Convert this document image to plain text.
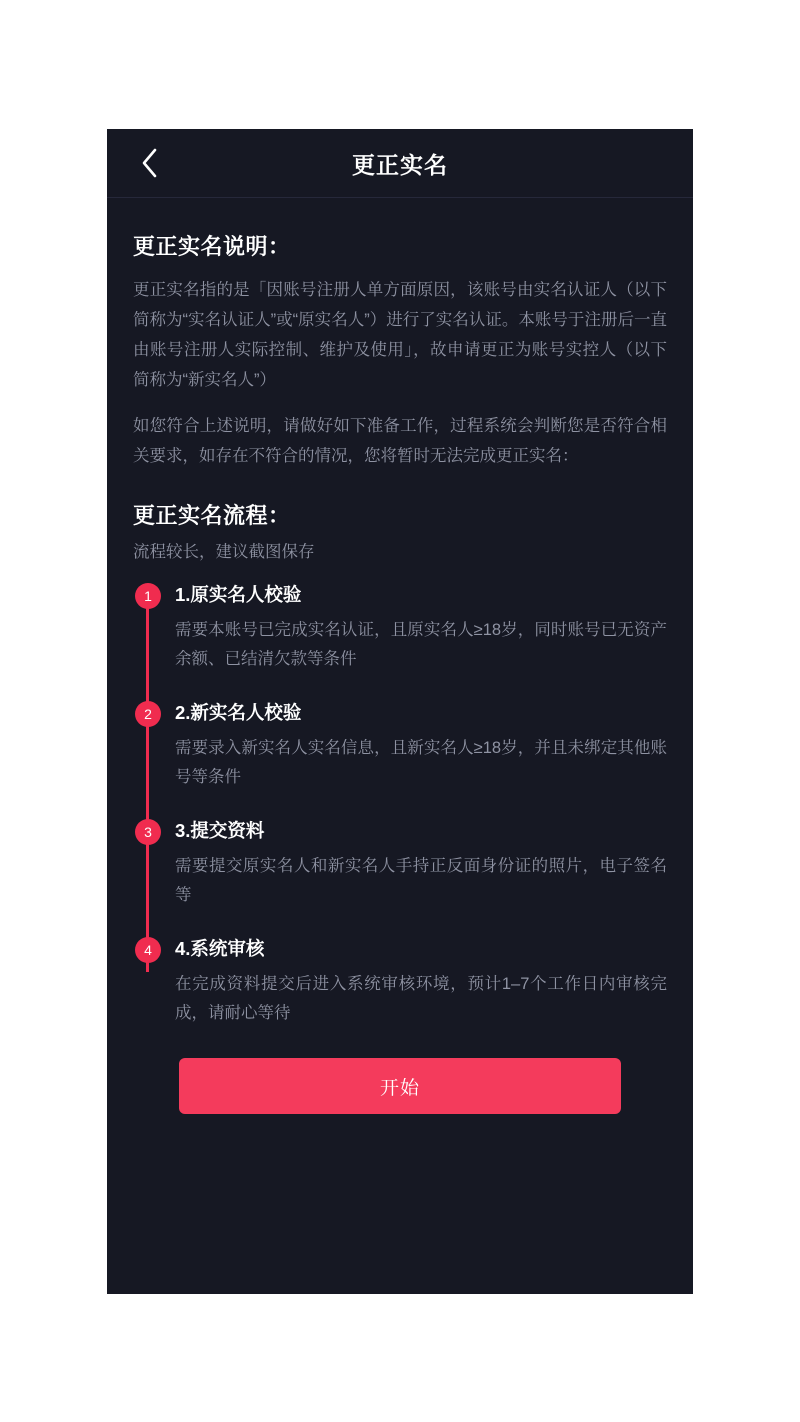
更正实名
更正实名说明：

更正实名指的是「因账号注册人单方面原因，该账号由实名认证人（以下简称为“实名认证人”或“原实名人”）进行了实名认证。本账号于注册后一直由账号注册人实际控制、维护及使用」，故申请更正为账号实控人（以下简称为“新实名人”）

如您符合上述说明，请做好如下准备工作，过程系统会判断您是否符合相关要求，如存在不符合的情况，您将暂时无法完成更正实名：

更正实名流程：
流程较长，建议截图保存
1	1.原实名人校验

需要本账号已完成实名认证，且原实名人≥18岁，同时账号已无资产余额、已结清欠款等条件

2	2.新实名人校验

需要录入新实名人实名信息，且新实名人≥18岁，并且未绑定其他账号等条件

3	3.提交资料

需要提交原实名人和新实名人手持正反面身份证的照片，电子签名等

4	4.系统审核

在完成资料提交后进入系统审核环境，预计1–7个工作日内审核完成，请耐心等待

开始
